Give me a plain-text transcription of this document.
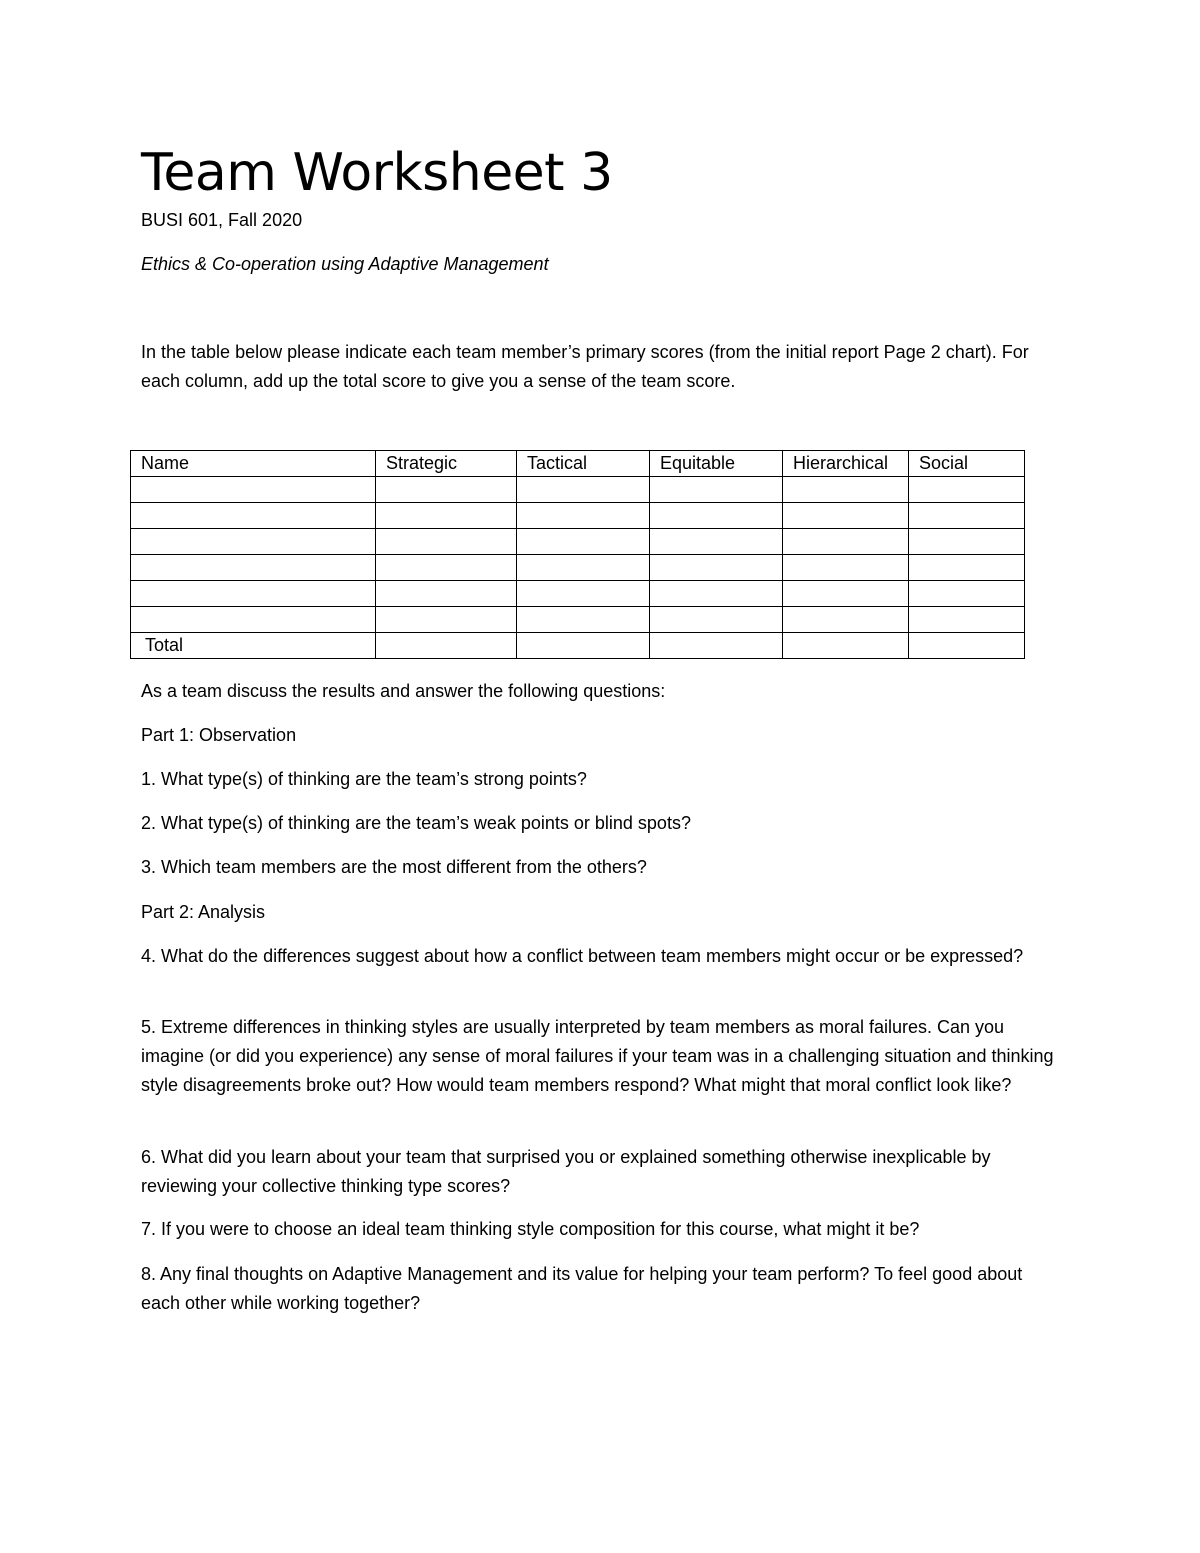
Team Worksheet 3

BUSI 601, Fall 2020

Ethics & Co-operation using Adaptive Management

In the table below please indicate each team member’s primary scores (from the initial report Page 2 chart). For each column, add up the total score to give you a sense of the team score.

Name	Strategic	Tactical	Equitable	Hierarchical	Social

Total					

As a team discuss the results and answer the following questions:

Part 1: Observation

1. What type(s) of thinking are the team’s strong points?

2. What type(s) of thinking are the team’s weak points or blind spots?

3. Which team members are the most different from the others?

Part 2: Analysis

4. What do the differences suggest about how a conflict between team members might occur or be expressed?

5. Extreme differences in thinking styles are usually interpreted by team members as moral failures. Can you imagine (or did you experience) any sense of moral failures if your team was in a challenging situation and thinking style disagreements broke out? How would team members respond? What might that moral conflict look like?

6. What did you learn about your team that surprised you or explained something otherwise inexplicable by reviewing your collective thinking type scores?

7. If you were to choose an ideal team thinking style composition for this course, what might it be?

8. Any final thoughts on Adaptive Management and its value for helping your team perform? To feel good about each other while working together?
